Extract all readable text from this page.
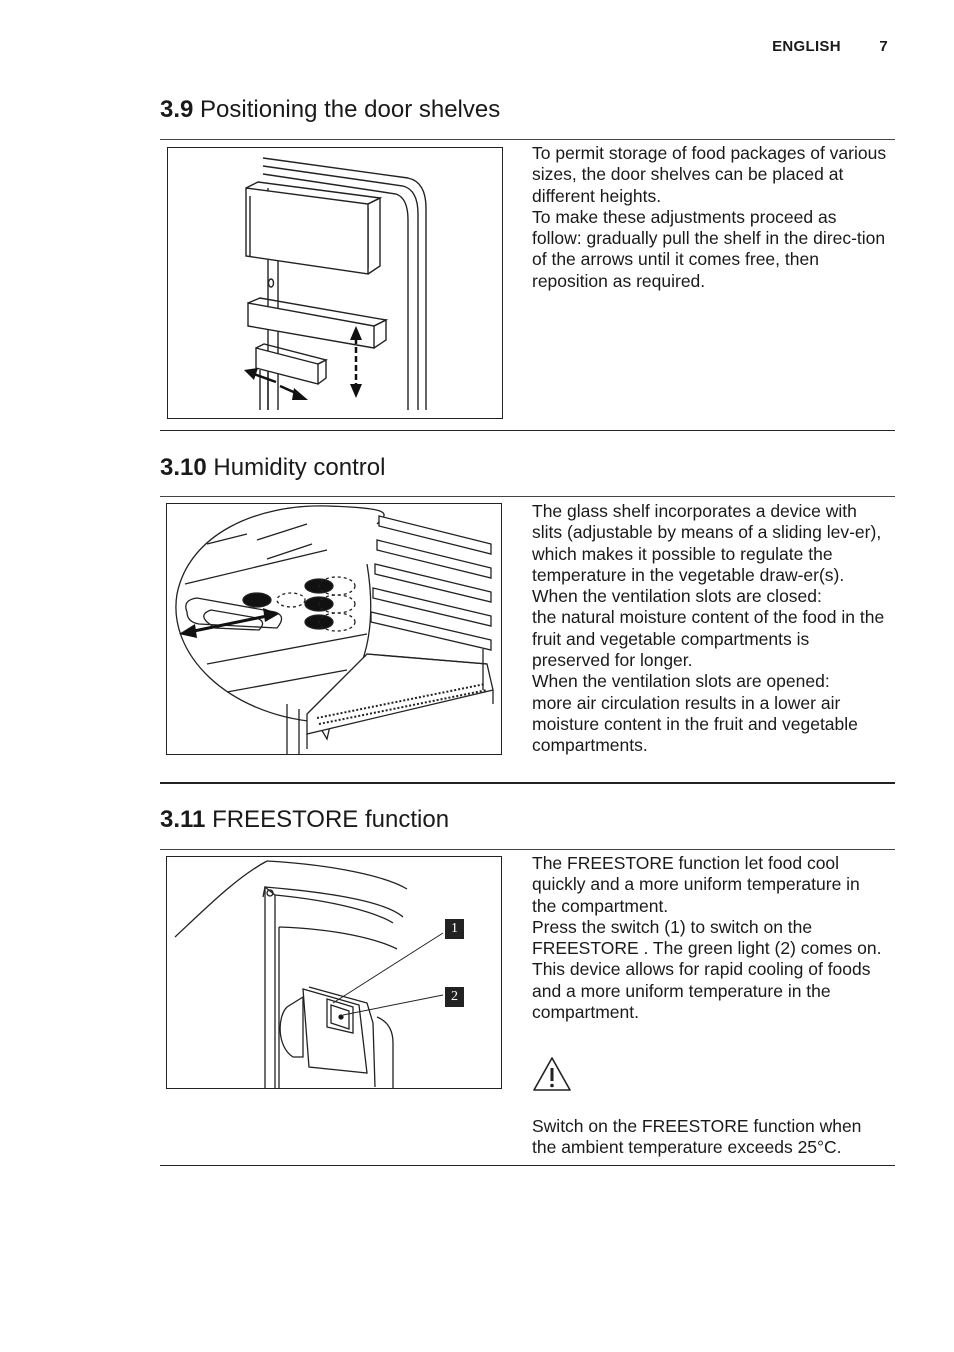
ENGLISH	7
3.9 Positioning the door shelves

To permit storage of food packages of various sizes, the door shelves can be placed at different heights.

To make these adjustments proceed as follow: gradually pull the shelf in the direc-tion of the arrows until it comes free, then reposition as required.

3.10 Humidity control

The glass shelf incorporates a device with slits (adjustable by means of a sliding lev-er), which makes it possible to regulate the temperature in the vegetable draw-er(s).

When the ventilation slots are closed:

the natural moisture content of the food in the fruit and vegetable compartments is preserved for longer.

When the ventilation slots are opened:

more air circulation results in a lower air moisture content in the fruit and vegetable compartments.

3.11 FREESTORE function
1
2

The FREESTORE function let food cool quickly and a more uniform temperature in the compartment.

Press the switch (1) to switch on the FREESTORE . The green light (2) comes on.

This device allows for rapid cooling of foods and a more uniform temperature in the compartment.

Switch on the FREESTORE function when the ambient temperature exceeds 25°C.
